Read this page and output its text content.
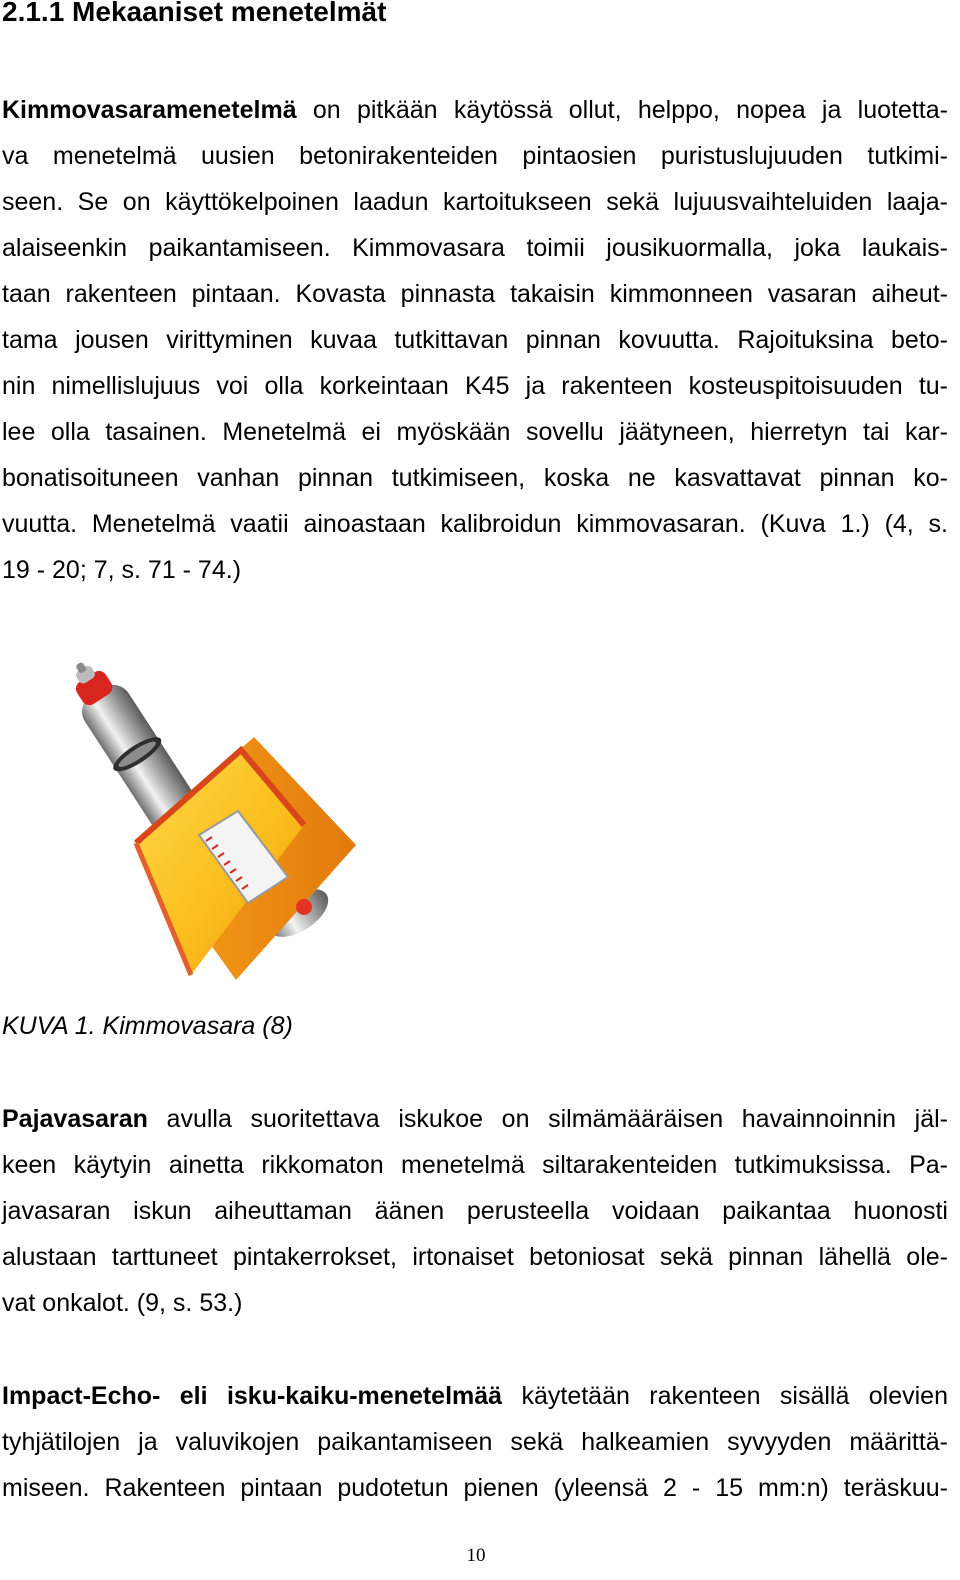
2.1.1 Mekaaniset menetelmät
Kimmovasaramenetelmä on pitkään käytössä ollut, helppo, nopea ja luotetta-
va menetelmä uusien betonirakenteiden pintaosien puristuslujuuden tutkimi-
seen. Se on käyttökelpoinen laadun kartoitukseen sekä lujuusvaihteluiden laaja-
alaiseenkin paikantamiseen. Kimmovasara toimii jousikuormalla, joka laukais-
taan rakenteen pintaan. Kovasta pinnasta takaisin kimmonneen vasaran aiheut-
tama jousen virittyminen kuvaa tutkittavan pinnan kovuutta. Rajoituksina beto-
nin nimellislujuus voi olla korkeintaan K45 ja rakenteen kosteuspitoisuuden tu-
lee olla tasainen. Menetelmä ei myöskään sovellu jäätyneen, hierretyn tai kar-
bonatisoituneen vanhan pinnan tutkimiseen, koska ne kasvattavat pinnan ko-
vuutta. Menetelmä vaatii ainoastaan kalibroidun kimmovasaran. (Kuva 1.) (4, s.
19 - 20; 7, s. 71 - 74.)
KUVA 1. Kimmovasara (8)
Pajavasaran avulla suoritettava iskukoe on silmämääräisen havainnoinnin jäl-
keen käytyin ainetta rikkomaton menetelmä siltarakenteiden tutkimuksissa. Pa-
javasaran iskun aiheuttaman äänen perusteella voidaan paikantaa huonosti
alustaan tarttuneet pintakerrokset, irtonaiset betoniosat sekä pinnan lähellä ole-
vat onkalot. (9, s. 53.)
Impact-Echo- eli isku-kaiku-menetelmää käytetään rakenteen sisällä olevien
tyhjätilojen ja valuvikojen paikantamiseen sekä halkeamien syvyyden määrittä-
miseen. Rakenteen pintaan pudotetun pienen (yleensä 2 - 15 mm:n) teräskuu-
10
